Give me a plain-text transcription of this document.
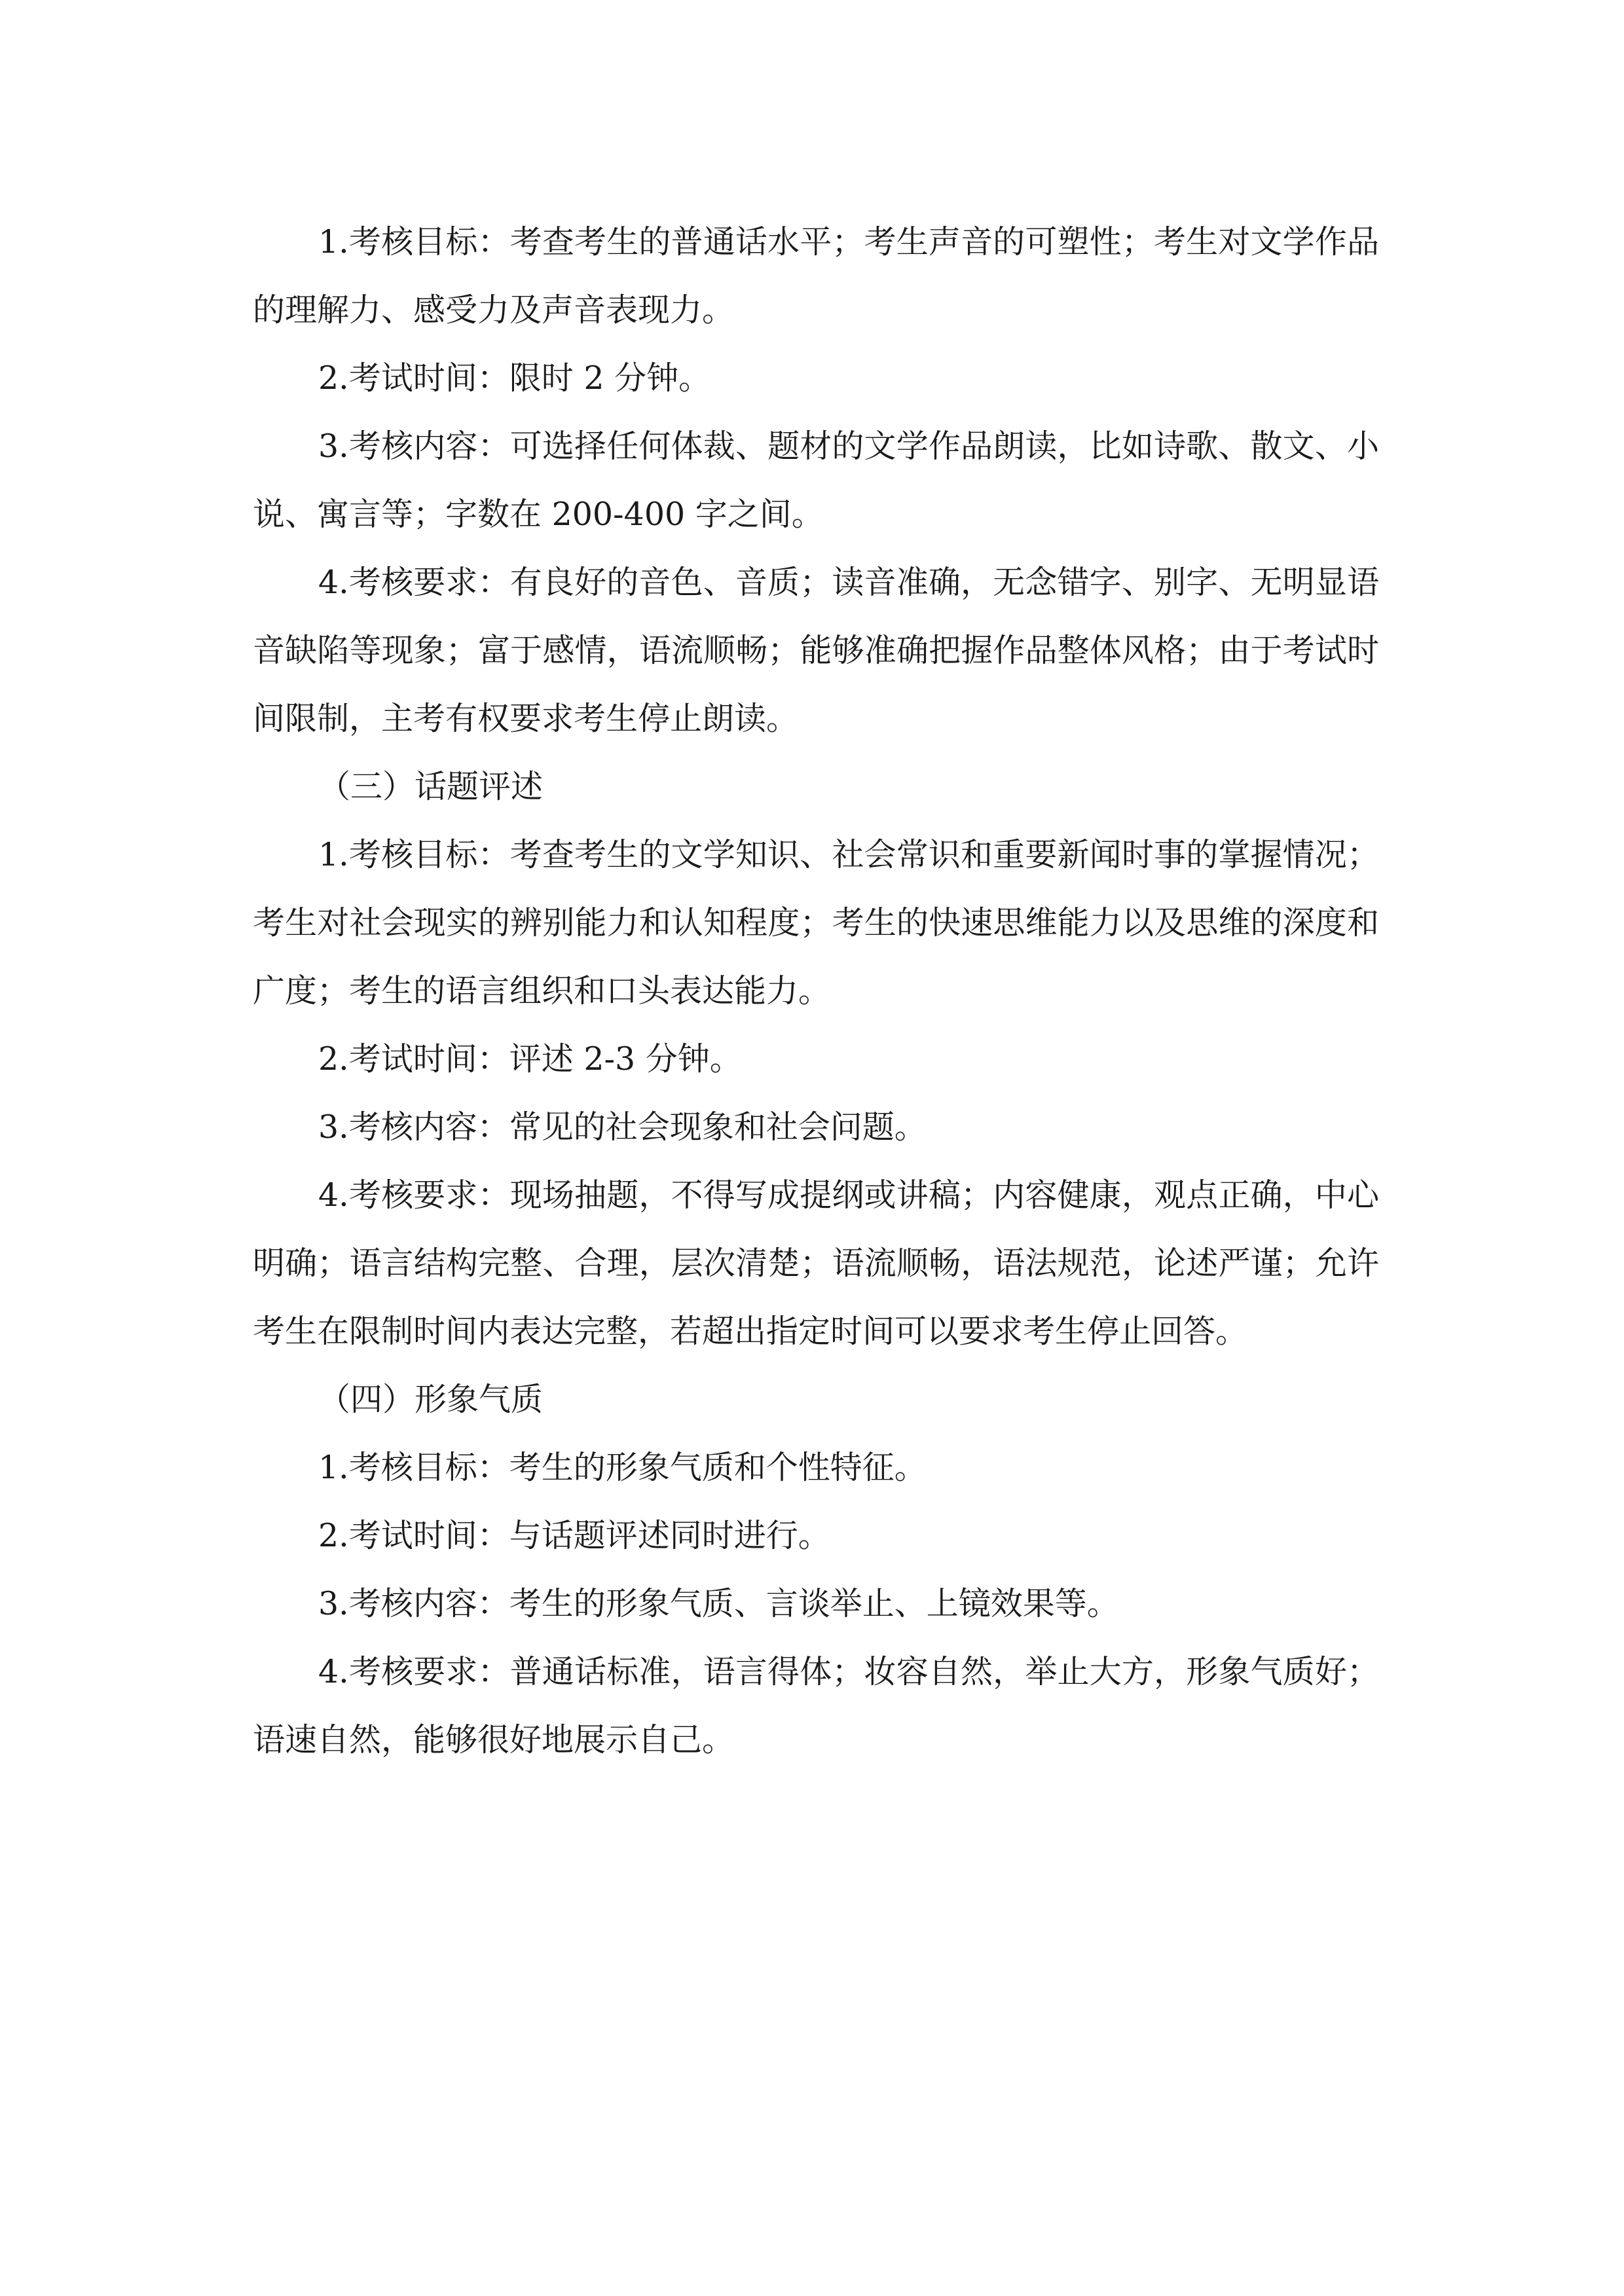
1.考核目标：考查考生的普通话水平；考生声音的可塑性；考生对文学作品的理解力、感受力及声音表现力。

2.考试时间：限时 2 分钟。

3.考核内容：可选择任何体裁、题材的文学作品朗读，比如诗歌、散文、小说、寓言等；字数在 200-400 字之间。

4.考核要求：有良好的音色、音质；读音准确，无念错字、别字、无明显语音缺陷等现象；富于感情，语流顺畅；能够准确把握作品整体风格；由于考试时间限制，主考有权要求考生停止朗读。

（三）话题评述

1.考核目标：考查考生的文学知识、社会常识和重要新闻时事的掌握情况；考生对社会现实的辨别能力和认知程度；考生的快速思维能力以及思维的深度和广度；考生的语言组织和口头表达能力。

2.考试时间：评述 2-3 分钟。

3.考核内容：常见的社会现象和社会问题。

4.考核要求：现场抽题，不得写成提纲或讲稿；内容健康，观点正确，中心明确；语言结构完整、合理，层次清楚；语流顺畅，语法规范，论述严谨；允许考生在限制时间内表达完整，若超出指定时间可以要求考生停止回答。

（四）形象气质

1.考核目标：考生的形象气质和个性特征。

2.考试时间：与话题评述同时进行。

3.考核内容：考生的形象气质、言谈举止、上镜效果等。

4.考核要求：普通话标准，语言得体；妆容自然，举止大方，形象气质好；语速自然，能够很好地展示自己。
